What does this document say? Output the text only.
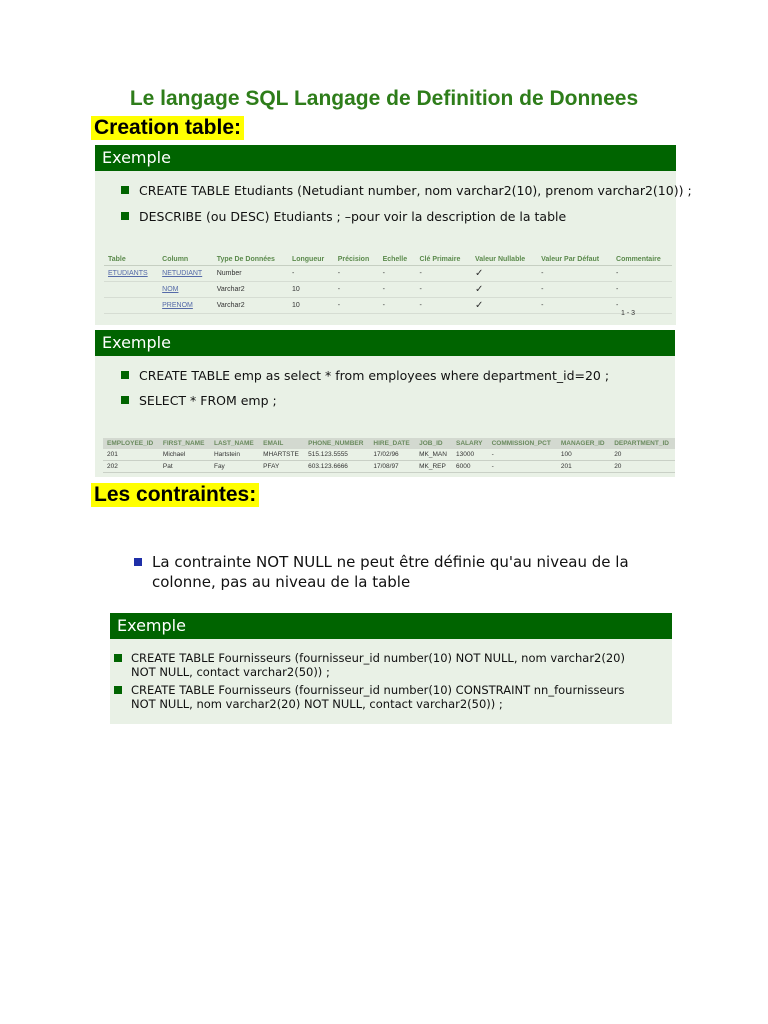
Le langage SQL Langage de Definition de Donnees
Creation table:
Exemple
CREATE TABLE Etudiants (Netudiant number, nom varchar2(10), prenom varchar2(10)) ;
DESCRIBE (ou DESC) Etudiants ; –pour voir la description de la table
Table	Column	Type De Données	Longueur	Précision	Echelle	Clé Primaire	Valeur Nullable	Valeur Par Défaut	Commentaire
ETUDIANTS	NETUDIANT	Number	-	-	-	-	✓	-	-
	NOM	Varchar2	10	-	-	-	✓	-	-
	PRENOM	Varchar2	10	-	-	-	✓	-	-
1 - 3
Exemple
CREATE TABLE emp as select * from employees where department_id=20 ;
SELECT * FROM emp ;
EMPLOYEE_ID	FIRST_NAME	LAST_NAME	EMAIL	PHONE_NUMBER	HIRE_DATE	JOB_ID	SALARY	COMMISSION_PCT	MANAGER_ID	DEPARTMENT_ID
201	Michael	Hartstein	MHARTSTE	515.123.5555	17/02/96	MK_MAN	13000	-	100	20
202	Pat	Fay	PFAY	603.123.6666	17/08/97	MK_REP	6000	-	201	20
Les contraintes:
La contrainte NOT NULL ne peut être définie qu'au niveau de la
colonne, pas au niveau de la table
Exemple
CREATE TABLE Fournisseurs (fournisseur_id number(10) NOT NULL, nom varchar2(20)
NOT NULL, contact varchar2(50)) ;
CREATE TABLE Fournisseurs (fournisseur_id number(10) CONSTRAINT nn_fournisseurs
NOT NULL, nom varchar2(20) NOT NULL, contact varchar2(50)) ;
